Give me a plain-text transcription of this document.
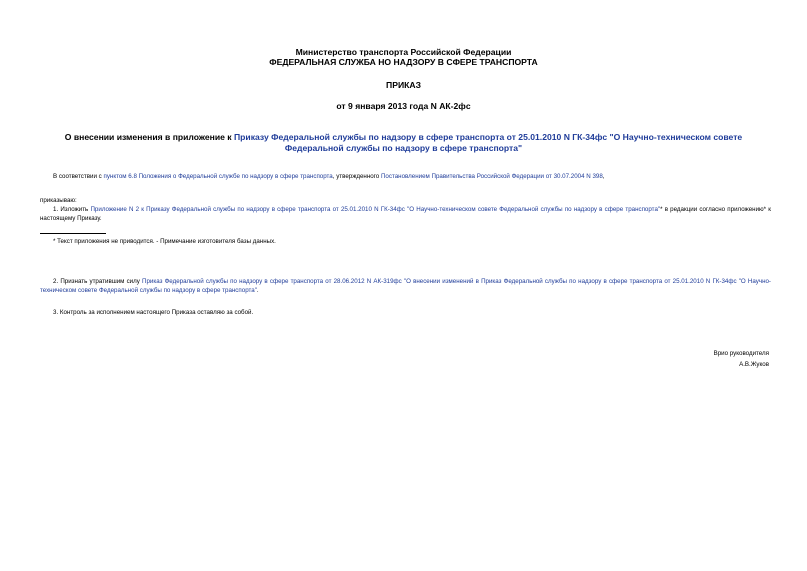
Министерство транспорта Российской Федерации
ФЕДЕРАЛЬНАЯ СЛУЖБА НО НАДЗОРУ В СФЕРЕ ТРАНСПОРТА
ПРИКАЗ
от 9 января 2013 года N АК-2фс
О внесении изменения в приложение к Приказу Федеральной службы по надзору в сфере транспорта от 25.01.2010 N ГК-34фс "О Научно-техническом совете Федеральной службы по надзору в сфере транспорта"
В соответствии с пунктом 6.8 Положения о Федеральной службе по надзору в сфере транспорта, утвержденного Постановлением Правительства Российской Федерации от 30.07.2004 N 398,
приказываю:
1. Изложить Приложение N 2 к Приказу Федеральной службы по надзору в сфере транспорта от 25.01.2010 N ГК-34фс "О Научно-техническом совете Федеральной службы по надзору в сфере транспорта"* в редакции согласно приложению* к настоящему Приказу.
* Текст приложения не приводится. - Примечание изготовителя базы данных.
2. Признать утратившим силу Приказ Федеральной службы по надзору в сфере транспорта от 28.06.2012 N АК-319фс "О внесении изменений в Приказ Федеральной службы по надзору в сфере транспорта от 25.01.2010 N ГК-34фс "О Научно-техническом совете Федеральной службы по надзору в сфере транспорта".
3. Контроль за исполнением настоящего Приказа оставляю за собой.
Врио руководителя
А.В.Жуков
